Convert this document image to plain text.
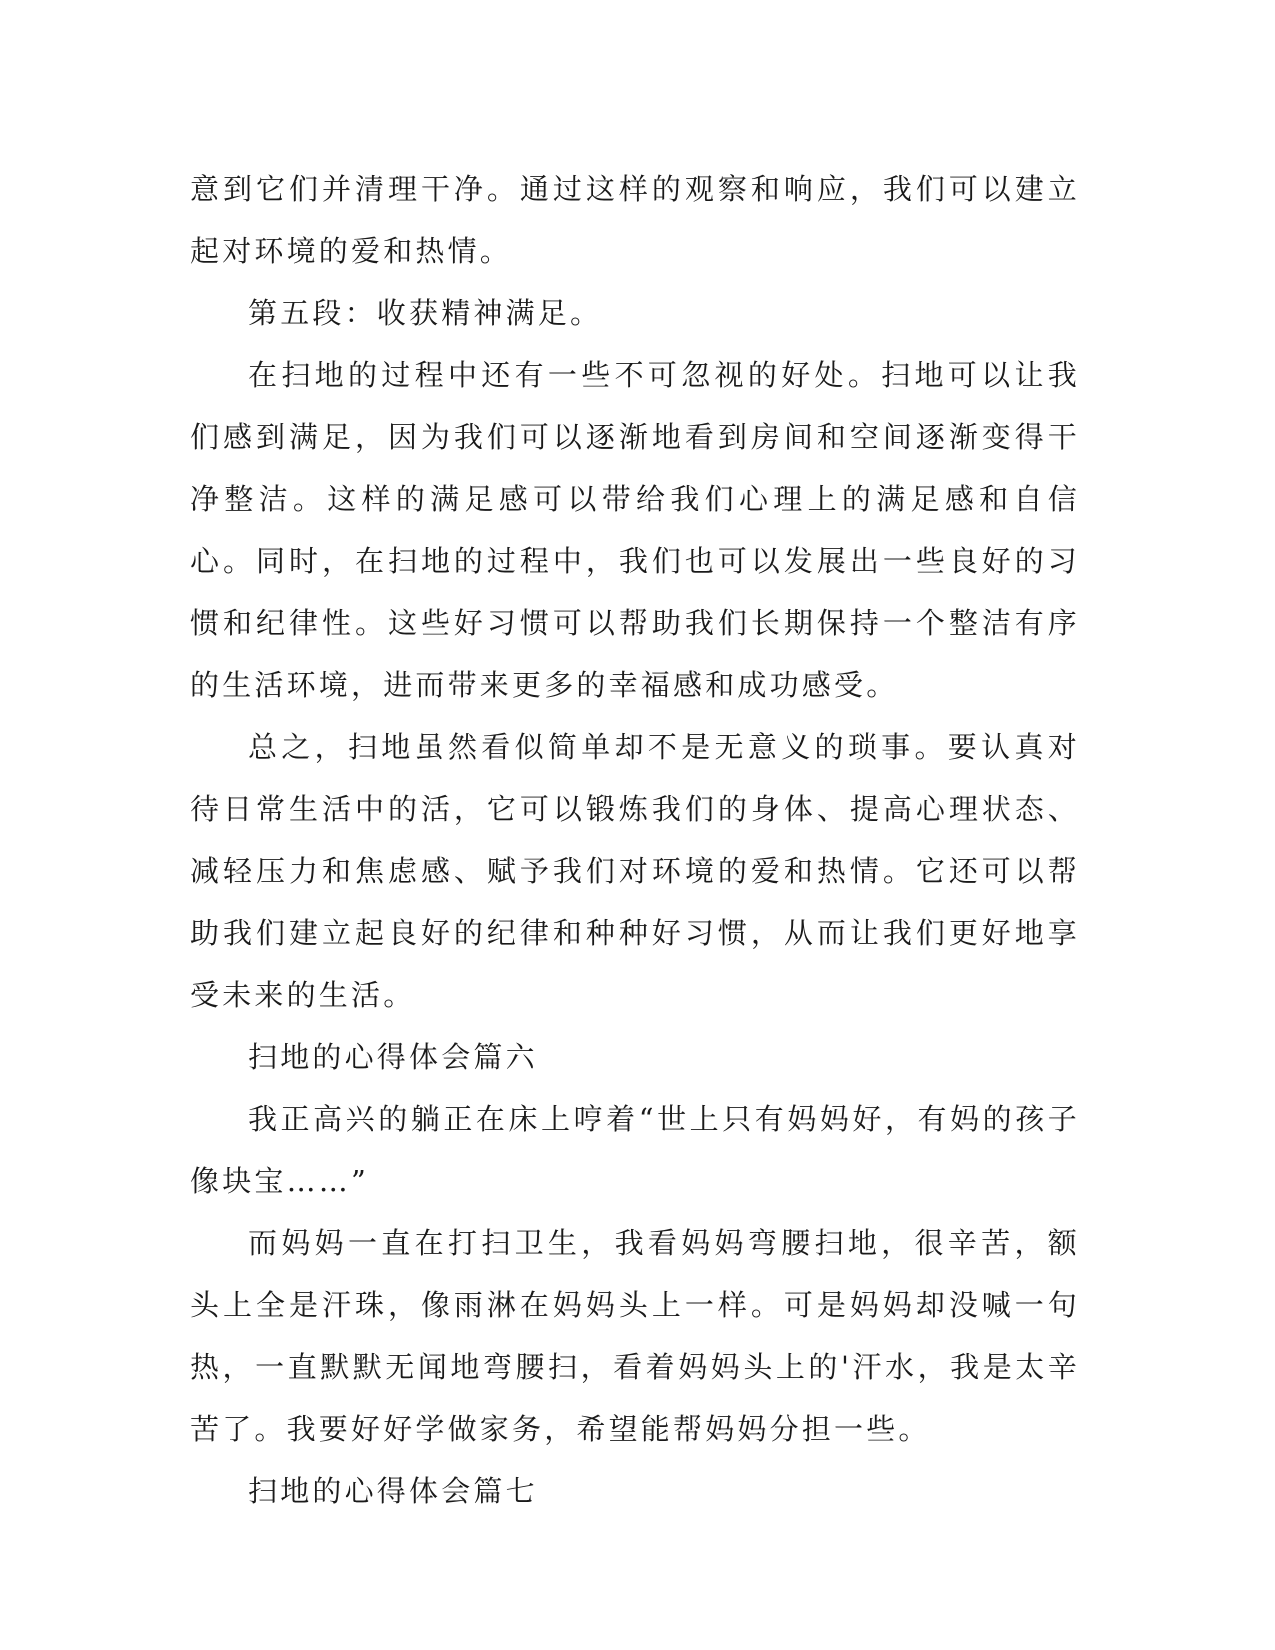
意到它们并清理干净。通过这样的观察和响应，我们可以建立起对环境的爱和热情。

第五段：收获精神满足。

在扫地的过程中还有一些不可忽视的好处。扫地可以让我们感到满足，因为我们可以逐渐地看到房间和空间逐渐变得干净整洁。这样的满足感可以带给我们心理上的满足感和自信心。同时，在扫地的过程中，我们也可以发展出一些良好的习惯和纪律性。这些好习惯可以帮助我们长期保持一个整洁有序的生活环境，进而带来更多的幸福感和成功感受。

总之，扫地虽然看似简单却不是无意义的琐事。要认真对待日常生活中的活，它可以锻炼我们的身体、提高心理状态、减轻压力和焦虑感、赋予我们对环境的爱和热情。它还可以帮助我们建立起良好的纪律和种种好习惯，从而让我们更好地享受未来的生活。

扫地的心得体会篇六

我正高兴的躺正在床上哼着“世上只有妈妈好，有妈的孩子像块宝……”

而妈妈一直在打扫卫生，我看妈妈弯腰扫地，很辛苦，额头上全是汗珠，像雨淋在妈妈头上一样。可是妈妈却没喊一句热，一直默默无闻地弯腰扫，看着妈妈头上的'汗水，我是太辛苦了。我要好好学做家务，希望能帮妈妈分担一些。

扫地的心得体会篇七
